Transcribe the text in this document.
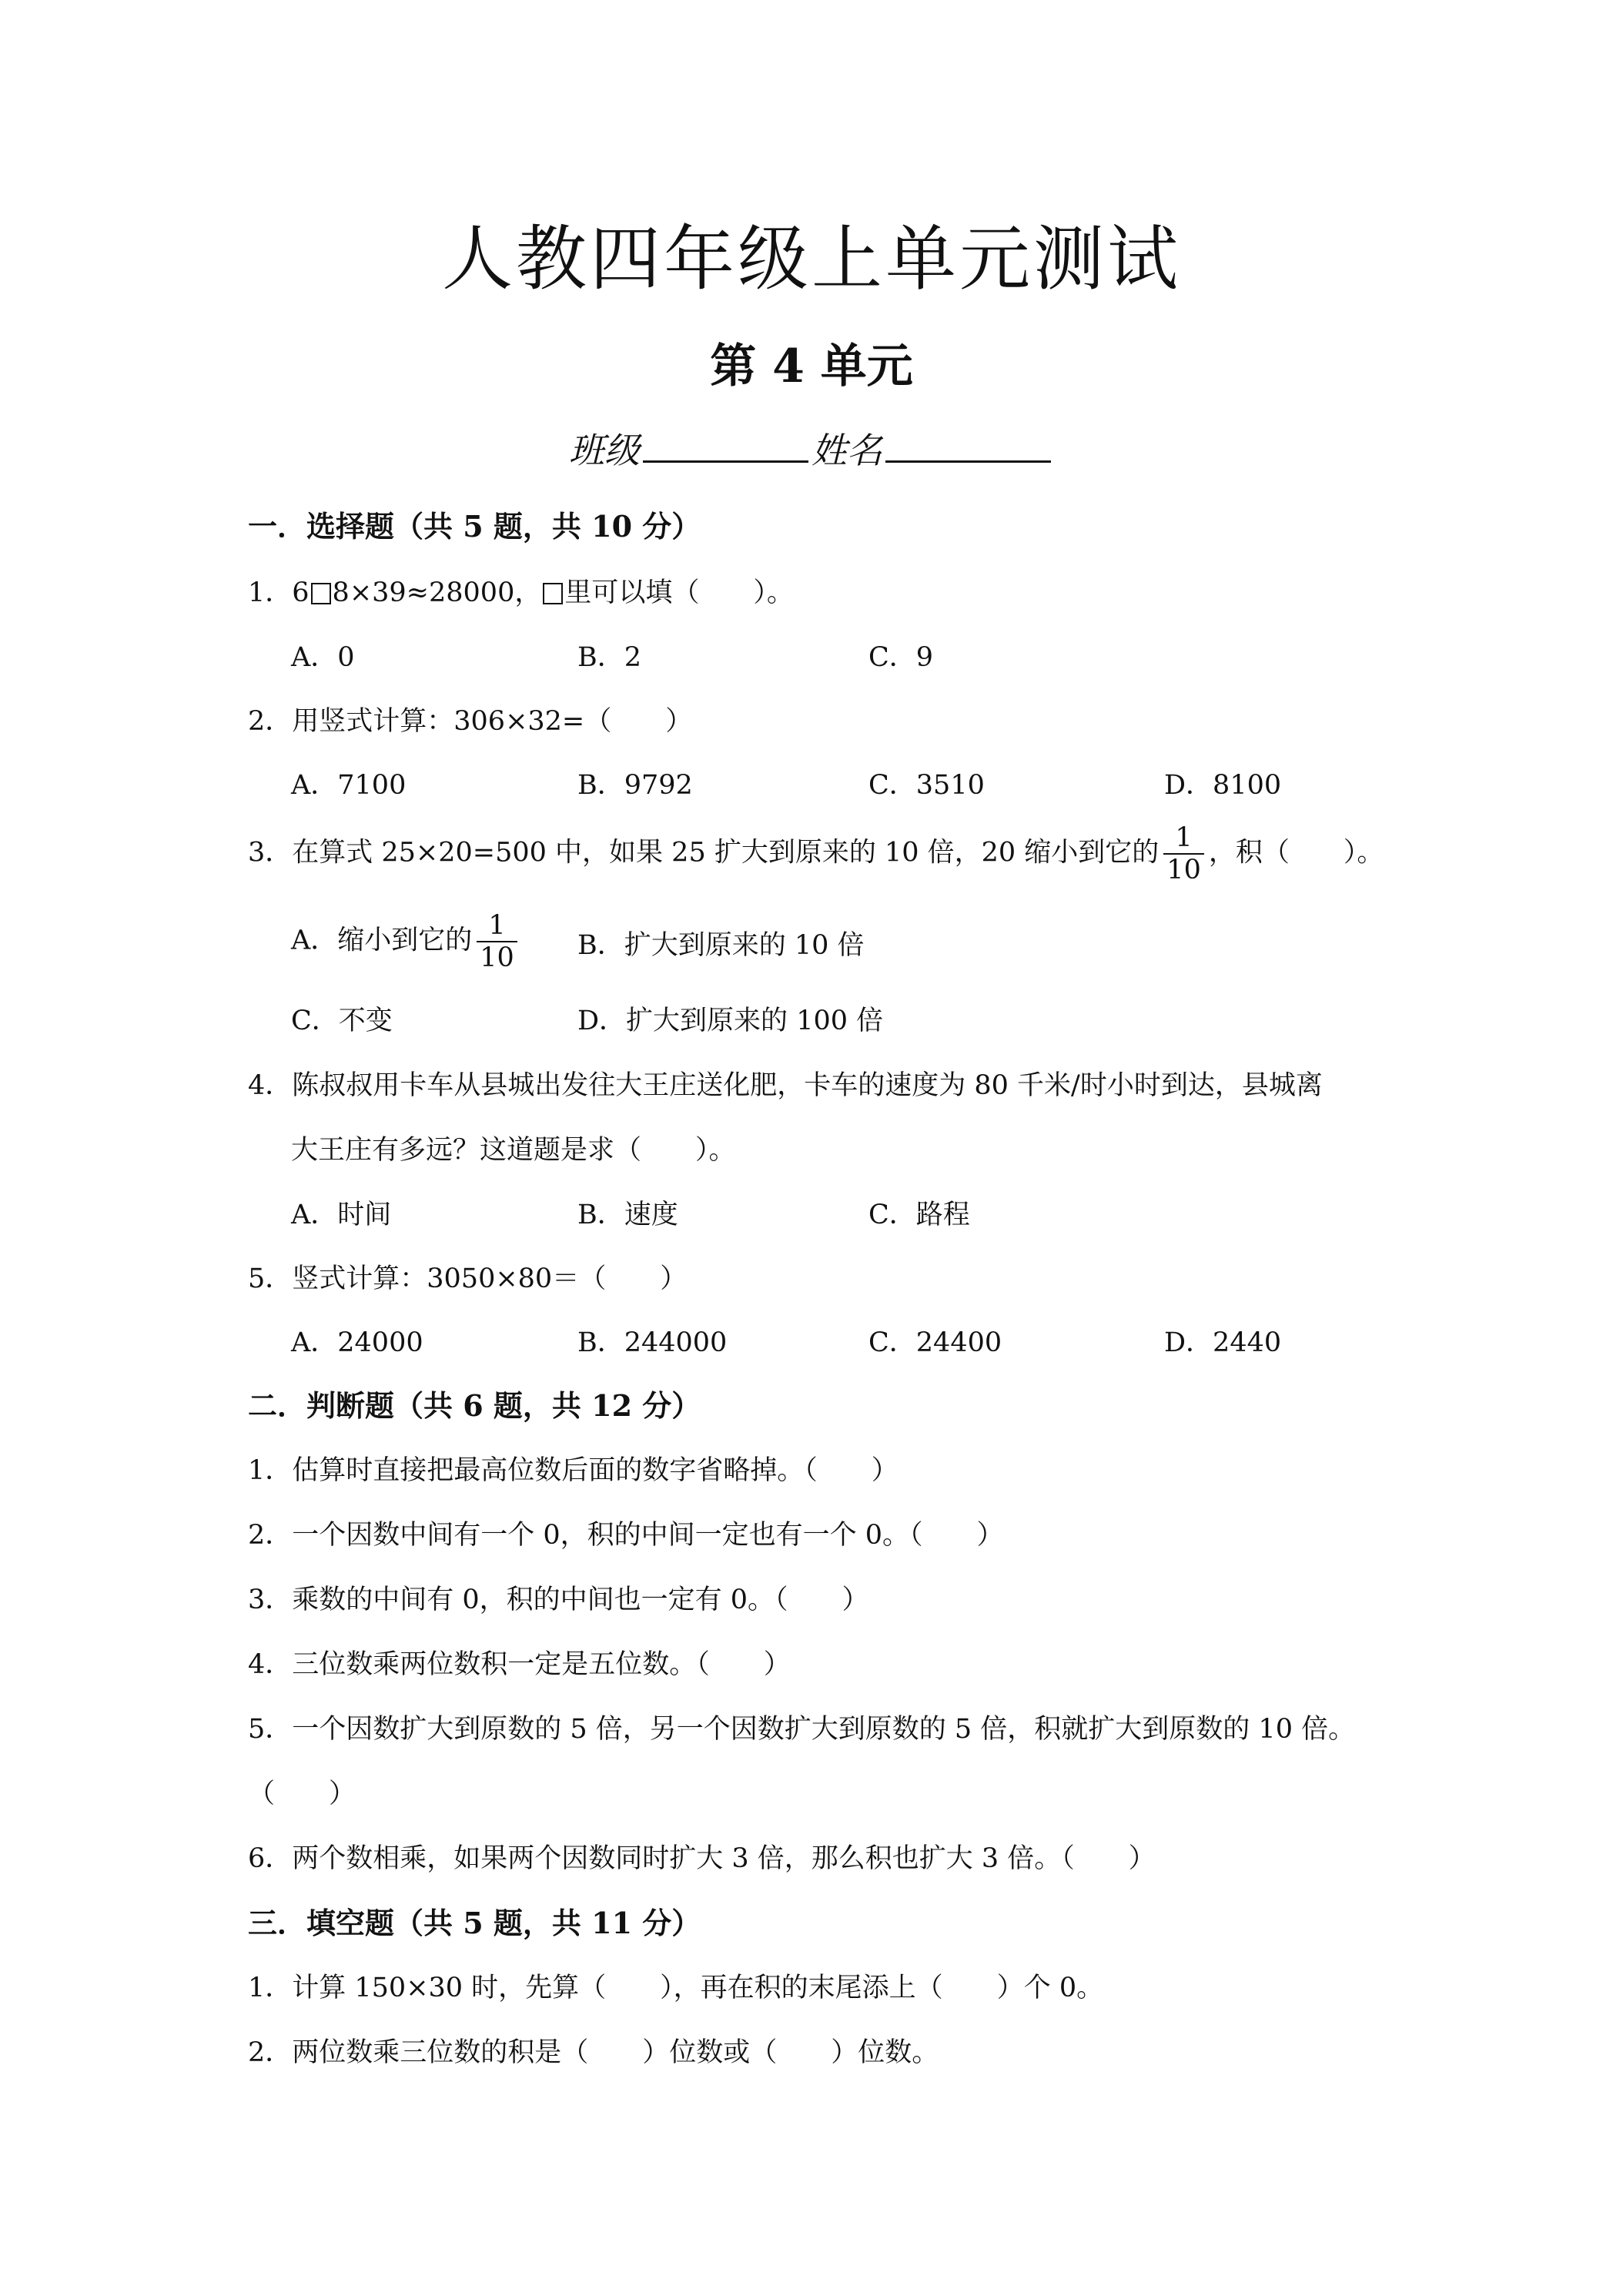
人教四年级上单元测试
第 4 单元
班级	姓名
一．选择题（共 5 题，共 10 分）
1．6 8×39≈28000， 里可以填（　　）。
A．0	B．2	C．9
2．用竖式计算：306×32=（　　）
A．7100	B．9792	C．3510	D．8100
3．在算式 25×20=500 中，如果 25 扩大到原来的 10 倍，20 缩小到它的 $\frac{1}{10}$ ，积（　　）。
A．缩小到它的 $\frac{1}{10}$ B．扩大到原来的 10 倍
C．不变	D．扩大到原来的 100 倍
4．陈叔叔用卡车从县城出发往大王庄送化肥，卡车的速度为 80 千米/时小时到达，县城离
大王庄有多远？这道题是求（　　）。
A．时间	B．速度	C．路程
5．竖式计算：3050×80＝（　　）
A．24000	B．244000	C．24400	D．2440
二．判断题（共 6 题，共 12 分）
1．估算时直接把最高位数后面的数字省略掉。（　　）
2．一个因数中间有一个 0，积的中间一定也有一个 0。（　　）
3．乘数的中间有 0，积的中间也一定有 0。（　　）
4．三位数乘两位数积一定是五位数。（　　）
5．一个因数扩大到原数的 5 倍，另一个因数扩大到原数的 5 倍，积就扩大到原数的 10 倍。
（　　）
6．两个数相乘，如果两个因数同时扩大 3 倍，那么积也扩大 3 倍。（　　）
三．填空题（共 5 题，共 11 分）
1．计算 150×30 时，先算（　　），再在积的末尾添上（　　）个 0。
2．两位数乘三位数的积是（　　）位数或（　　）位数。
